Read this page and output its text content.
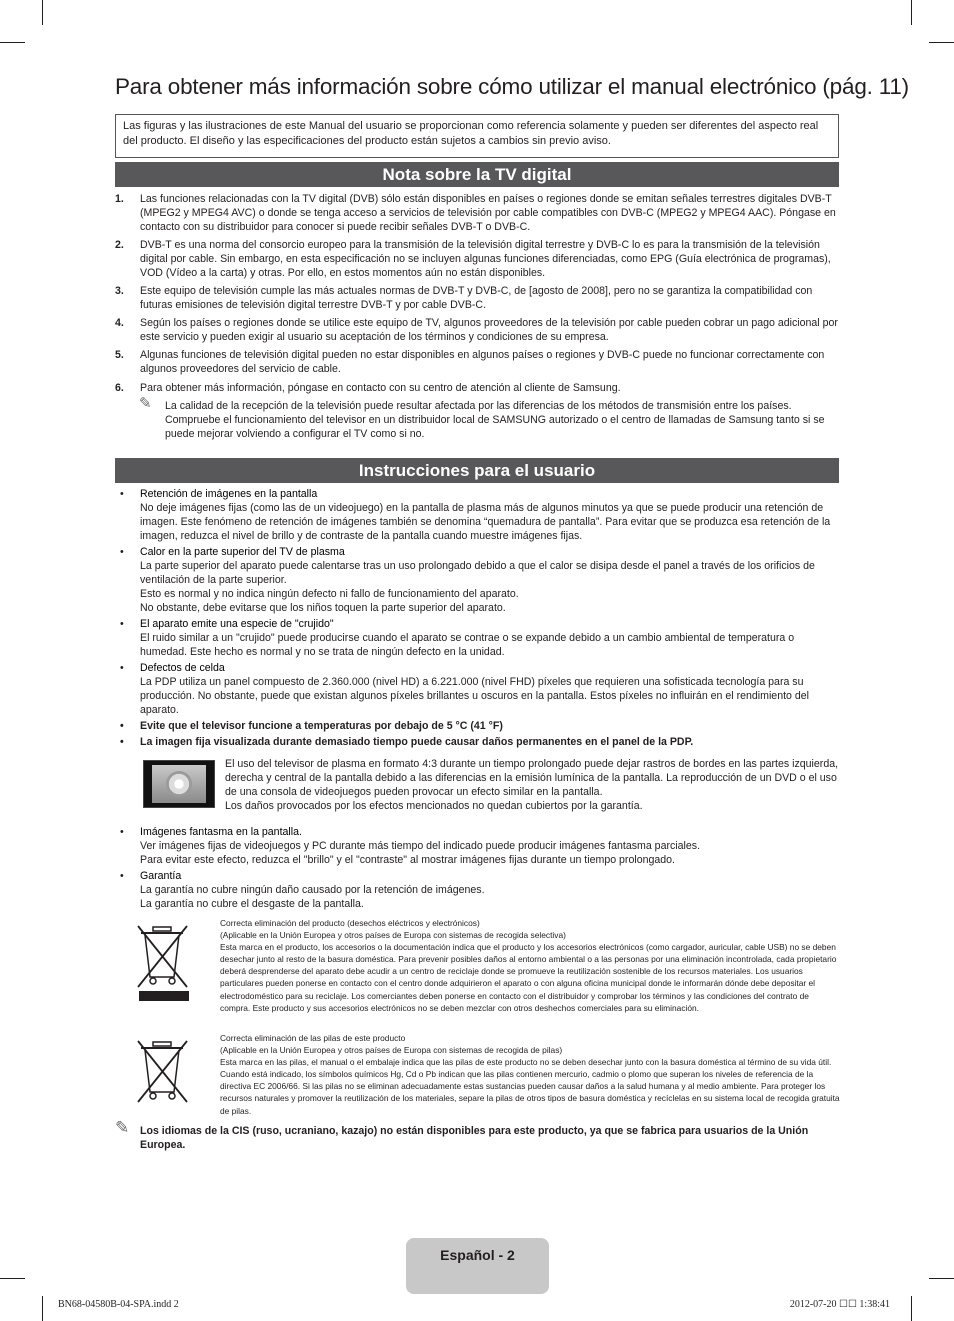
Para obtener más información sobre cómo utilizar el manual electrónico (pág. 11)
Las figuras y las ilustraciones de este Manual del usuario se proporcionan como referencia solamente y pueden ser diferentes del aspecto real del producto. El diseño y las especificaciones del producto están sujetos a cambios sin previo aviso.
Nota sobre la TV digital
1. Las funciones relacionadas con la TV digital (DVB) sólo están disponibles en países o regiones donde se emitan señales terrestres digitales DVB-T (MPEG2 y MPEG4 AVC) o donde se tenga acceso a servicios de televisión por cable compatibles con DVB-C (MPEG2 y MPEG4 AAC). Póngase en contacto con su distribuidor para conocer si puede recibir señales DVB-T o DVB-C.
2. DVB-T es una norma del consorcio europeo para la transmisión de la televisión digital terrestre y DVB-C lo es para la transmisión de la televisión digital por cable. Sin embargo, en esta especificación no se incluyen algunas funciones diferenciadas, como EPG (Guía electrónica de programas), VOD (Vídeo a la carta) y otras. Por ello, en estos momentos aún no están disponibles.
3. Este equipo de televisión cumple las más actuales normas de DVB-T y DVB-C, de [agosto de 2008], pero no se garantiza la compatibilidad con futuras emisiones de televisión digital terrestre DVB-T y por cable DVB-C.
4. Según los países o regiones donde se utilice este equipo de TV, algunos proveedores de la televisión por cable pueden cobrar un pago adicional por este servicio y pueden exigir al usuario su aceptación de los términos y condiciones de su empresa.
5. Algunas funciones de televisión digital pueden no estar disponibles en algunos países o regiones y DVB-C puede no funcionar correctamente con algunos proveedores del servicio de cable.
6. Para obtener más información, póngase en contacto con su centro de atención al cliente de Samsung.
✎ La calidad de la recepción de la televisión puede resultar afectada por las diferencias de los métodos de transmisión entre los países. Compruebe el funcionamiento del televisor en un distribuidor local de SAMSUNG autorizado o el centro de llamadas de Samsung tanto si se puede mejorar volviendo a configurar el TV como si no.
Instrucciones para el usuario
• Retención de imágenes en la pantalla
No deje imágenes fijas (como las de un videojuego) en la pantalla de plasma más de algunos minutos ya que se puede producir una retención de imagen. Este fenómeno de retención de imágenes también se denomina “quemadura de pantalla”. Para evitar que se produzca esa retención de la imagen, reduzca el nivel de brillo y de contraste de la pantalla cuando muestre imágenes fijas.
• Calor en la parte superior del TV de plasma
La parte superior del aparato puede calentarse tras un uso prolongado debido a que el calor se disipa desde el panel a través de los orificios de ventilación de la parte superior.
Esto es normal y no indica ningún defecto ni fallo de funcionamiento del aparato.
No obstante, debe evitarse que los niños toquen la parte superior del aparato.
• El aparato emite una especie de "crujido"
El ruido similar a un "crujido" puede producirse cuando el aparato se contrae o se expande debido a un cambio ambiental de temperatura o humedad. Este hecho es normal y no se trata de ningún defecto en la unidad.
• Defectos de celda
La PDP utiliza un panel compuesto de 2.360.000 (nivel HD) a 6.221.000 (nivel FHD) píxeles que requieren una sofisticada tecnología para su producción. No obstante, puede que existan algunos píxeles brillantes u oscuros en la pantalla. Estos píxeles no influirán en el rendimiento del aparato.
• Evite que el televisor funcione a temperaturas por debajo de 5 °C (41 °F)
• La imagen fija visualizada durante demasiado tiempo puede causar daños permanentes en el panel de la PDP.
El uso del televisor de plasma en formato 4:3 durante un tiempo prolongado puede dejar rastros de bordes en las partes izquierda, derecha y central de la pantalla debido a las diferencias en la emisión lumínica de la pantalla. La reproducción de un DVD o el uso de una consola de videojuegos pueden provocar un efecto similar en la pantalla.
Los daños provocados por los efectos mencionados no quedan cubiertos por la garantía.
• Imágenes fantasma en la pantalla.
Ver imágenes fijas de videojuegos y PC durante más tiempo del indicado puede producir imágenes fantasma parciales.
Para evitar este efecto, reduzca el "brillo" y el "contraste" al mostrar imágenes fijas durante un tiempo prolongado.
• Garantía
La garantía no cubre ningún daño causado por la retención de imágenes.
La garantía no cubre el desgaste de la pantalla.
Correcta eliminación del producto (desechos eléctricos y electrónicos)
(Aplicable en la Unión Europea y otros países de Europa con sistemas de recogida selectiva)
Esta marca en el producto, los accesorios o la documentación indica que el producto y los accesorios electrónicos (como cargador, auricular, cable USB) no se deben desechar junto al resto de la basura doméstica. Para prevenir posibles daños al entorno ambiental o a las personas por una eliminación incontrolada, cada propietario deberá desprenderse del aparato debe acudir a un centro de reciclaje donde se promueve la reutilización sostenible de los recursos materiales. Los usuarios particulares pueden ponerse en contacto con el centro donde adquirieron el aparato o con alguna oficina municipal donde le informarán dónde debe depositar el electrodoméstico para su reciclaje. Los comerciantes deben ponerse en contacto con el distribuidor y comprobar los términos y las condiciones del contrato de compra. Este producto y sus accesorios electrónicos no se deben mezclar con otros deshechos comerciales para su eliminación.
Correcta eliminación de las pilas de este producto
(Aplicable en la Unión Europea y otros países de Europa con sistemas de recogida de pilas)
Esta marca en las pilas, el manual o el embalaje indica que las pilas de este producto no se deben desechar junto con la basura doméstica al término de su vida útil. Cuando está indicado, los símbolos químicos Hg, Cd o Pb indican que las pilas contienen mercurio, cadmio o plomo que superan los niveles de referencia de la directiva EC 2006/66. Si las pilas no se eliminan adecuadamente estas sustancias pueden causar daños a la salud humana y al medio ambiente. Para proteger los recursos naturales y promover la reutilización de los materiales, separe la pilas de otros tipos de basura doméstica y recíclelas en su sistema local de recogida gratuita de pilas.
✎	Los idiomas de la CIS (ruso, ucraniano, kazajo) no están disponibles para este producto, ya que se fabrica para usuarios de la Unión Europea.
Español - 2
BN68-04580B-04-SPA.indd 2	2012-07-20 ☐☐ 1:38:41
